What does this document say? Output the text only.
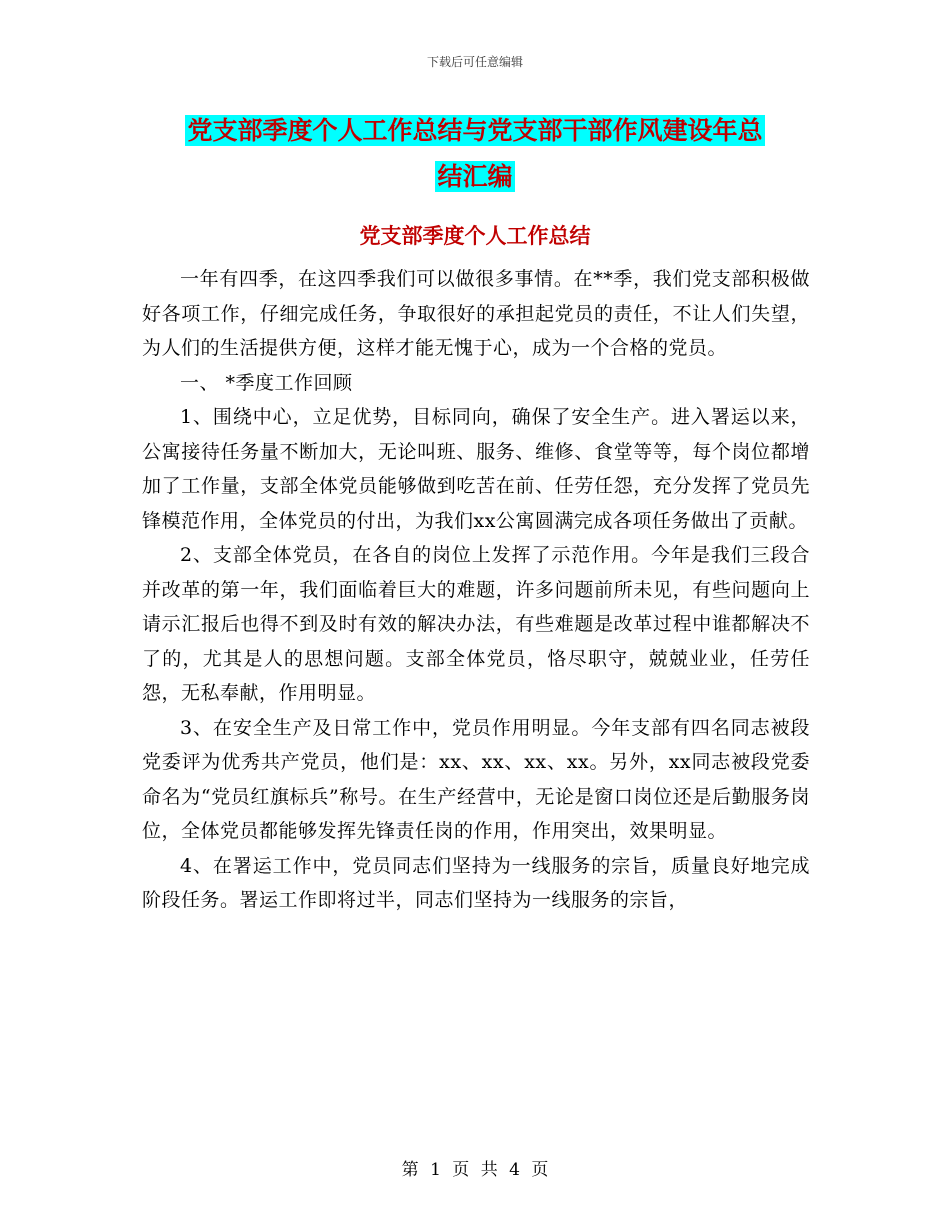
下载后可任意编辑
党支部季度个人工作总结与党支部干部作风建设年总
结汇编
党支部季度个人工作总结

一年有四季，在这四季我们可以做很多事情。在**季，我们党支部积极做好各项工作，仔细完成任务，争取很好的承担起党员的责任，不让人们失望，为人们的生活提供方便，这样才能无愧于心，成为一个合格的党员。

一、 *季度工作回顾

1、围绕中心，立足优势，目标同向，确保了安全生产。进入署运以来，公寓接待任务量不断加大，无论叫班、服务、维修、食堂等等，每个岗位都增加了工作量，支部全体党员能够做到吃苦在前、任劳任怨，充分发挥了党员先锋模范作用，全体党员的付出，为我们xx公寓圆满完成各项任务做出了贡献。

2、支部全体党员，在各自的岗位上发挥了示范作用。今年是我们三段合并改革的第一年，我们面临着巨大的难题，许多问题前所未见，有些问题向上请示汇报后也得不到及时有效的解决办法，有些难题是改革过程中谁都解决不了的，尤其是人的思想问题。支部全体党员，恪尽职守，兢兢业业，任劳任怨，无私奉献，作用明显。

3、在安全生产及日常工作中，党员作用明显。今年支部有四名同志被段党委评为优秀共产党员，他们是：xx、xx、xx、xx。另外，xx同志被段党委命名为“党员红旗标兵”称号。在生产经营中，无论是窗口岗位还是后勤服务岗位，全体党员都能够发挥先锋责任岗的作用，作用突出，效果明显。

4、在署运工作中，党员同志们坚持为一线服务的宗旨，质量良好地完成阶段任务。署运工作即将过半，同志们坚持为一线服务的宗旨，

第 1 页 共 4 页
